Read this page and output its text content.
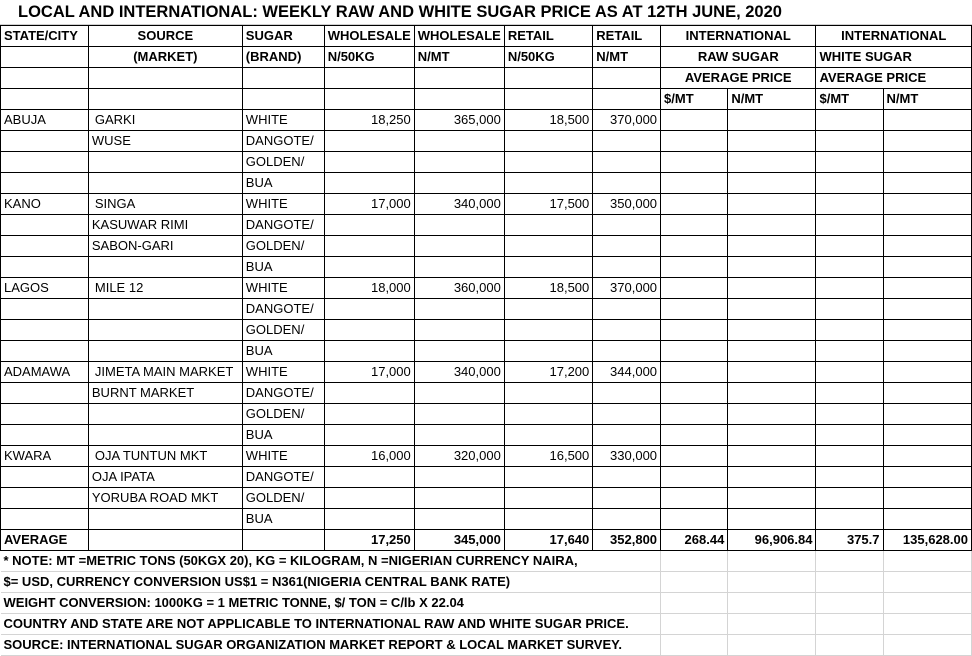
LOCAL AND INTERNATIONAL: WEEKLY RAW AND WHITE SUGAR PRICE AS AT 12TH JUNE, 2020
STATE/CITY	SOURCE	SUGAR	WHOLESALE	WHOLESALE	RETAIL	RETAIL	INTERNATIONAL		INTERNATIONAL	
	(MARKET)	(BRAND)	N/50KG	N/MT	N/50KG	N/MT	RAW SUGAR		WHITE SUGAR	
							AVERAGE PRICE		AVERAGE PRICE	
							$/MT	N/MT	$/MT	N/MT
ABUJA	GARKI	WHITE	18,250	365,000	18,500	370,000				
	WUSE	DANGOTE/								
		GOLDEN/								
		BUA								
KANO	SINGA	WHITE	17,000	340,000	17,500	350,000				
	KASUWAR RIMI	DANGOTE/								
	SABON-GARI	GOLDEN/								
		BUA								
LAGOS	MILE 12	WHITE	18,000	360,000	18,500	370,000				
		DANGOTE/								
		GOLDEN/								
		BUA								
ADAMAWA	JIMETA MAIN MARKET	WHITE	17,000	340,000	17,200	344,000				
	BURNT MARKET	DANGOTE/								
		GOLDEN/								
		BUA								
KWARA	OJA TUNTUN MKT	WHITE	16,000	320,000	16,500	330,000				
	OJA IPATA	DANGOTE/								
	YORUBA ROAD MKT	GOLDEN/								
		BUA								
AVERAGE			17,250	345,000	17,640	352,800	268.44	96,906.84	375.7	135,628.00
* NOTE: MT =METRIC TONS (50KGX 20), KG = KILOGRAM, N =NIGERIAN CURRENCY NAIRA,										
$= USD, CURRENCY CONVERSION US$1 = N361(NIGERIA CENTRAL BANK RATE)										
WEIGHT CONVERSION: 1000KG = 1 METRIC TONNE, $/ TON = C/lb X 22.04										
COUNTRY AND STATE ARE NOT APPLICABLE TO INTERNATIONAL RAW AND WHITE SUGAR PRICE.										
SOURCE: INTERNATIONAL SUGAR ORGANIZATION MARKET REPORT & LOCAL MARKET SURVEY.										
